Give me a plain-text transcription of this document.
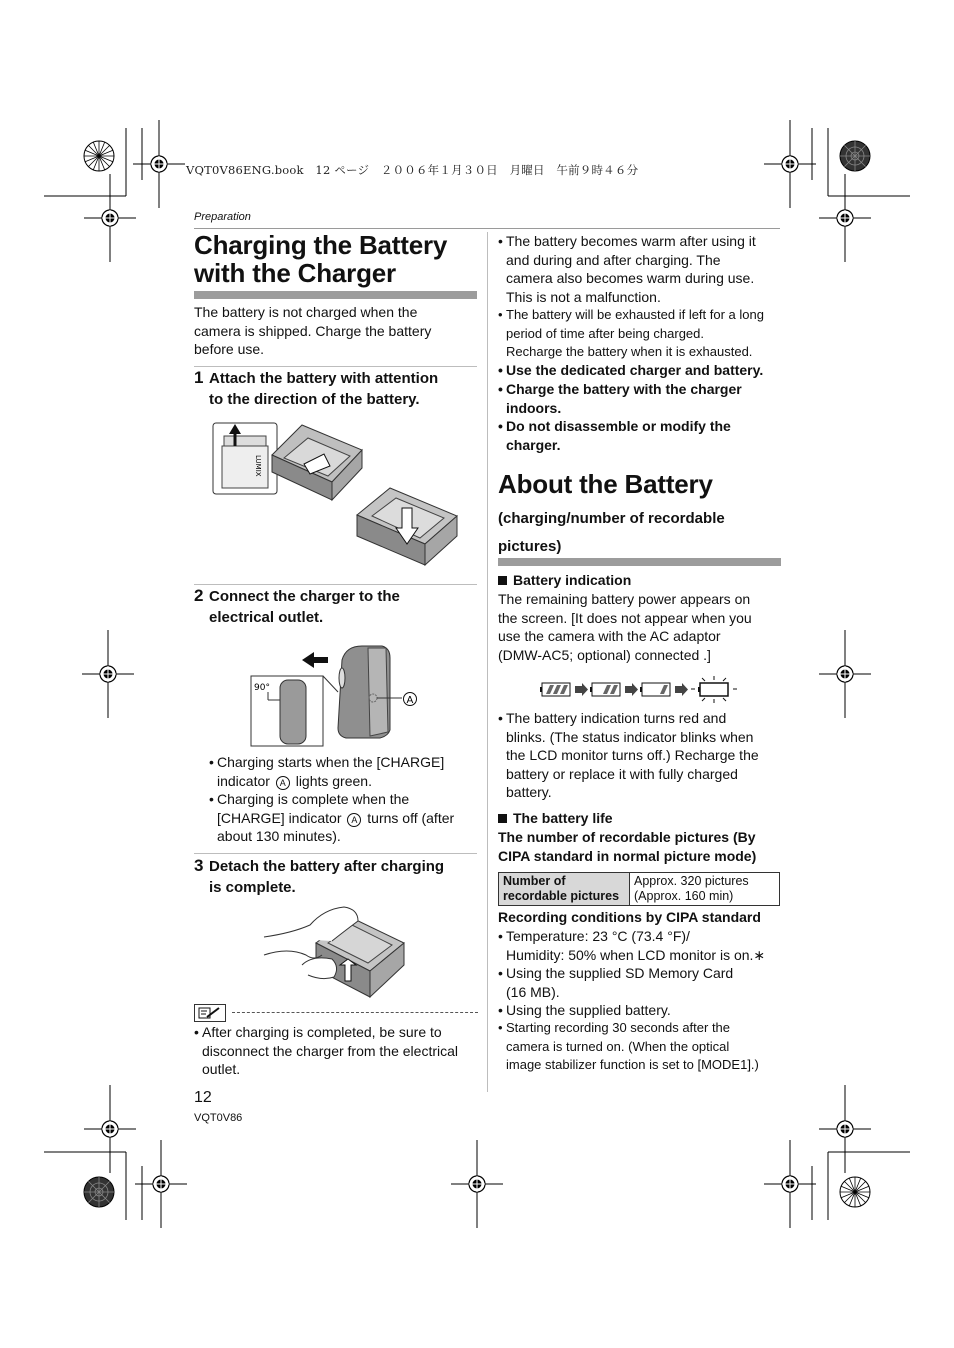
VQT0V86ENG.book　12 ページ　２００６年１月３０日　月曜日　午前９時４６分
Preparation
Charging the Battery
with the Charger
The battery is not charged when the
camera is shipped. Charge the battery
before use.
1 Attach the battery with attention
to the direction of the battery.
LUMIX
2 Connect the charger to the
electrical outlet.
90°
A
• Charging starts when the [CHARGE]
indicator A lights green.
• Charging is complete when the
[CHARGE] indicator A turns off (after
about 130 minutes).
3 Detach the battery after charging
is complete.
• After charging is completed, be sure to
disconnect the charger from the electrical
outlet.
12
VQT0V86
• The battery becomes warm after using it
and during and after charging. The
camera also becomes warm during use.
This is not a malfunction.
• The battery will be exhausted if left for a long
period of time after being charged.
Recharge the battery when it is exhausted.
• Use the dedicated charger and battery.
• Charge the battery with the charger
indoors.
• Do not disassemble or modify the
charger.
About the Battery
(charging/number of recordable
pictures)
Battery indication
The remaining battery power appears on
the screen. [It does not appear when you
use the camera with the AC adaptor
(DMW-AC5; optional) connected .]
• The battery indication turns red and
blinks. (The status indicator blinks when
the LCD monitor turns off.) Recharge the
battery or replace it with fully charged
battery.
The battery life
The number of recordable pictures (By
CIPA standard in normal picture mode)
Number of
recordable pictures

Approx. 320 pictures
(Approx. 160 min)
Recording conditions by CIPA standard
• Temperature: 23 °C (73.4 °F)/
Humidity: 50% when LCD monitor is on.∗
• Using the supplied SD Memory Card
(16 MB).
• Using the supplied battery.
• Starting recording 30 seconds after the
camera is turned on. (When the optical
image stabilizer function is set to [MODE1].)
